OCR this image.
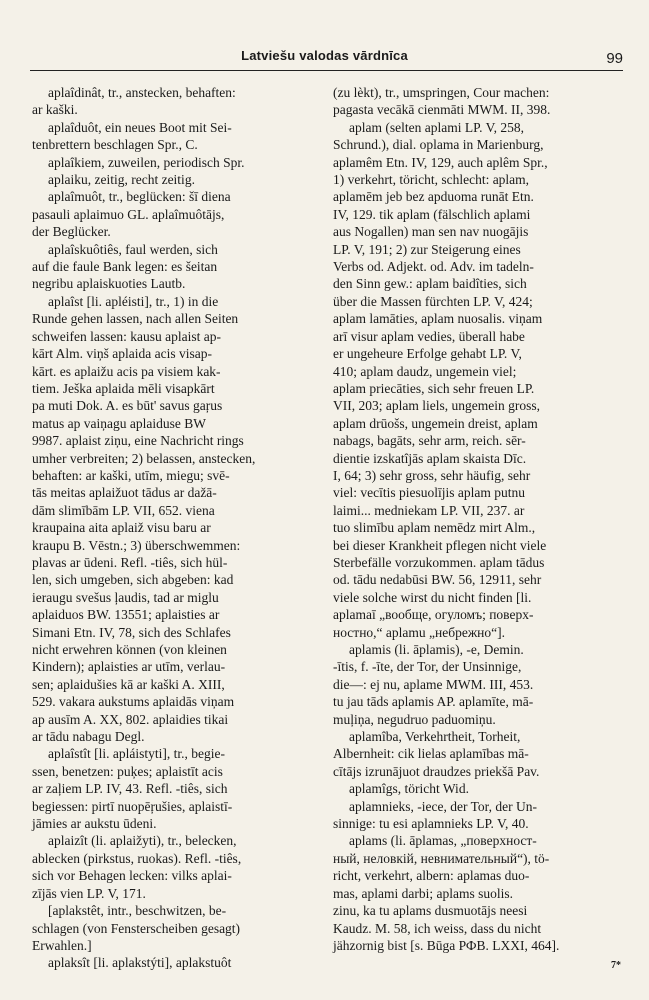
Latviešu valodas vārdnīca	99
aplaîdinât, tr., anstecken, behaften:
ar kaški.
aplaîduôt, ein neues Boot mit Sei-
tenbrettern beschlagen Spr., C.
aplaîkiem, zuweilen, periodisch Spr.
aplaiku, zeitig, recht zeitig.
aplaîmuôt, tr., beglücken: šī diena
pasauli aplaimuo GL. aplaîmuôtājs,
der Beglücker.
aplaîskuôtiês, faul werden, sich
auf die faule Bank legen: es šeitan
negribu aplaiskuoties Lautb.
aplaîst [li. apléisti], tr., 1) in die
Runde gehen lassen, nach allen Seiten
schweifen lassen: kausu aplaist ap-
kārt Alm. viņš aplaida acis visap-
kārt. es aplaižu acis pa visiem kak-
tiem. Ješka aplaida mēli visapkārt
pa muti Dok. A. es būt' savus gaŗus
matus ap vaiņagu aplaiduse BW
9987. aplaist ziņu, eine Nachricht rings
umher verbreiten; 2) belassen, anstecken,
behaften: ar kaški, utīm, miegu; svē-
tās meitas aplaižuot tādus ar dažā-
dām slimībām LP. VII, 652. viena
kraupaina aita aplaiž visu baru ar
kraupu B. Vēstn.; 3) überschwemmen:
plavas ar ūdeni. Refl. -tiês, sich hül-
len, sich umgeben, sich abgeben: kad
ieraugu svešus ļaudis, tad ar miglu
aplaiduos BW. 13551; aplaisties ar
Simani Etn. IV, 78, sich des Schlafes
nicht erwehren können (von kleinen
Kindern); aplaisties ar utīm, verlau-
sen; aplaidušies kā ar kaški A. XIII,
529. vakara aukstums aplaidās viņam
ap ausīm A. XX, 802. aplaidies tikai
ar tādu nabagu Degl.
aplaîstît [li. apláistyti], tr., begie-
ssen, benetzen: puķes; aplaistīt acis
ar zaļiem LP. IV, 43. Refl. -tiês, sich
begiessen: pirtī nuopēŗušies, aplaistī-
jāmies ar aukstu ūdeni.
aplaizît (li. aplaižyti), tr., belecken,
ablecken (pirkstus, ruokas). Refl. -tiês,
sich vor Behagen lecken: vilks aplai-
zījās vien LP. V, 171.
[aplakstêt, intr., beschwitzen, be-
schlagen (von Fensterscheiben gesagt)
Erwahlen.]
aplaksît [li. aplakstýti], aplakstuôt
(zu lèkt), tr., umspringen, Cour machen:
pagasta vecākā cienmāti MWM. II, 398.
aplam (selten aplami LP. V, 258,
Schrund.), dial. oplama in Marienburg,
aplamêm Etn. IV, 129, auch aplêm Spr.,
1) verkehrt, töricht, schlecht: aplam,
aplamēm jeb bez apduoma runāt Etn.
IV, 129. tik aplam (fälschlich aplami
aus Nogallen) man sen nav nuogājis
LP. V, 191; 2) zur Steigerung eines
Verbs od. Adjekt. od. Adv. im tadeln-
den Sinn gew.: aplam baidîties, sich
über die Massen fürchten LP. V, 424;
aplam lamāties, aplam nuosalis. viņam
arī visur aplam vedies, überall habe
er ungeheure Erfolge gehabt LP. V,
410; aplam daudz, ungemein viel;
aplam priecāties, sich sehr freuen LP.
VII, 203; aplam liels, ungemein gross,
aplam drūošs, ungemein dreist, aplam
nabags, bagāts, sehr arm, reich. sēr-
dientie izskatîjās aplam skaista Dīc.
I, 64; 3) sehr gross, sehr häufig, sehr
viel: vecītis piesuolījis aplam putnu
laimi... medniekam LP. VII, 237. ar
tuo slimību aplam nemēdz mirt Alm.,
bei dieser Krankheit pflegen nicht viele
Sterbefälle vorzukommen. aplam tādus
od. tādu nedabūsi BW. 56, 12911, sehr
viele solche wirst du nicht finden [li.
aplamaī „вообще, огуломъ; поверх-
ностно,“ aplamu „небрежно“].
aplamis (li. āplamis), -e, Demin.
-ītis, f. -īte, der Tor, der Unsinnige,
die—: ej nu, aplame MWM. III, 453.
tu jau tāds aplamis AP. aplamīte, mā-
muļiņa, negudruo paduomiņu.
aplamîba, Verkehrtheit, Torheit,
Albernheit: cik lielas aplamības mā-
cītājs izrunājuot draudzes priekšā Pav.
aplamîgs, töricht Wid.
aplamnieks, -iece, der Tor, der Un-
sinnige: tu esi aplamnieks LP. V, 40.
aplams (li. āplamas, „поверхност-
ный, неловкій, невнимательный“), tö-
richt, verkehrt, albern: aplamas duo-
mas, aplami darbi; aplams suolis.
zinu, ka tu aplams dusmuotājs neesi
Kaudz. M. 58, ich weiss, dass du nicht
jähzornig bist [s. Būga РФВ. LXXI, 464].
7*
